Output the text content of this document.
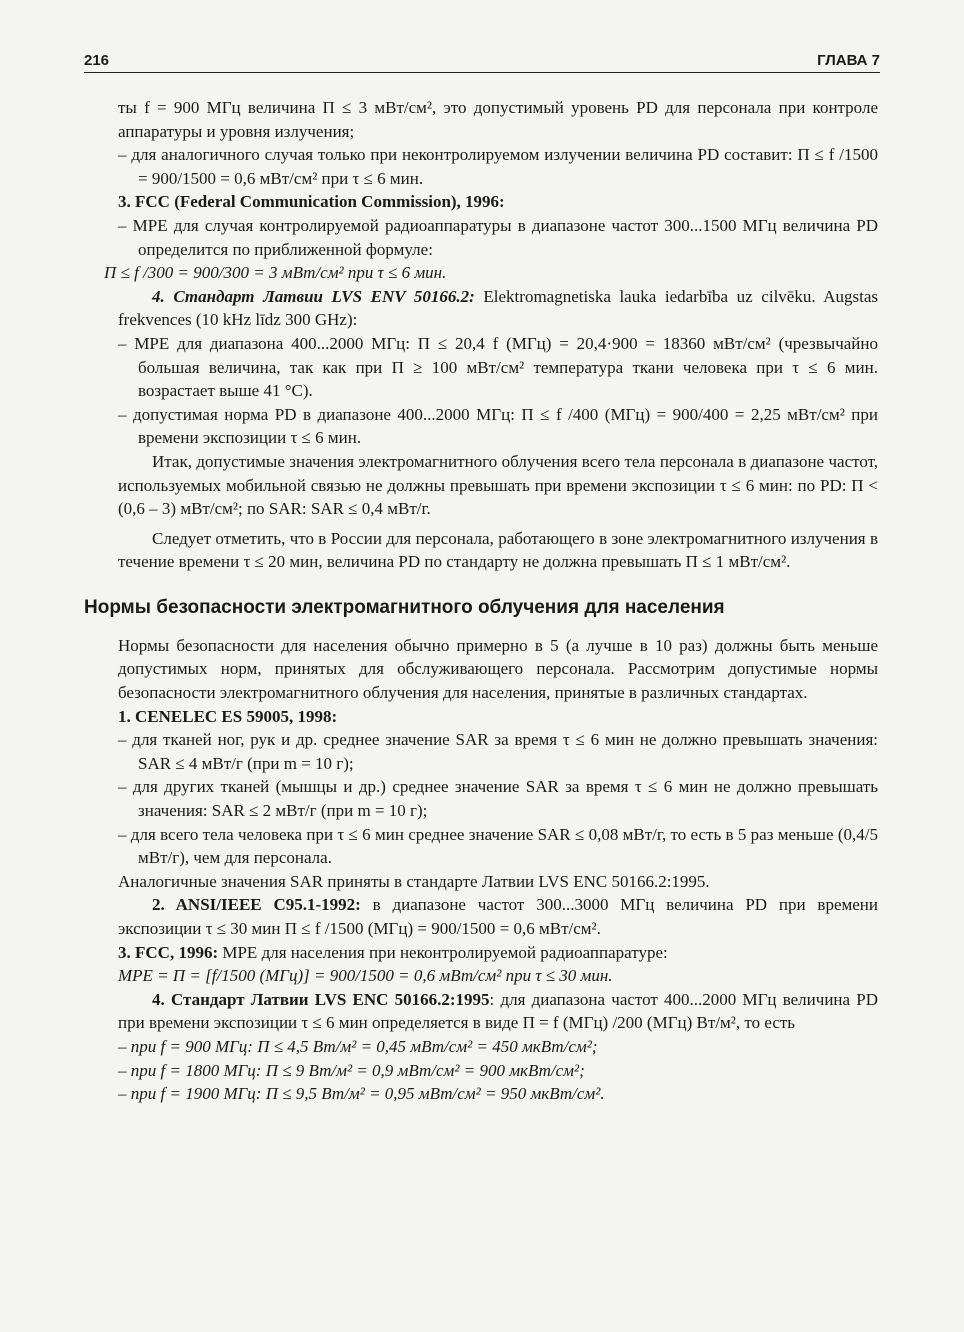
216	ГЛАВА 7

ты f = 900 МГц величина П ≤ 3 мВт/см², это допустимый уровень PD для персонала при контроле аппаратуры и уровня излучения;

– для аналогичного случая только при неконтролируемом излучении величина PD составит: П ≤ f /1500 = 900/1500 = 0,6 мВт/см² при τ ≤ 6 мин.

3. FCC (Federal Communication Commission), 1996:

– MPE для случая контролируемой радиоаппаратуры в диапазоне частот 300...1500 МГц величина PD определится по приближенной формуле:

П ≤ f /300 = 900/300 = 3 мВт/см² при τ ≤ 6 мин.

4. Стандарт Латвии LVS ENV 50166.2: Elektromagnetiska lauka iedarbība uz cilvēku. Augstas frekvences (10 kHz līdz 300 GHz):

– MPE для диапазона 400...2000 МГц: П ≤ 20,4 f (МГц) = 20,4·900 = 18360 мВт/см² (чрезвычайно большая величина, так как при П ≥ 100 мВт/см² температура ткани человека при τ ≤ 6 мин. возрастает выше 41 °С).

– допустимая норма PD в диапазоне 400...2000 МГц: П ≤ f /400 (МГц) = 900/400 = 2,25 мВт/см² при времени экспозиции τ ≤ 6 мин.

Итак, допустимые значения электромагнитного облучения всего тела персонала в диапазоне частот, используемых мобильной связью не должны превышать при времени экспозиции τ ≤ 6 мин: по PD: П < (0,6 – 3) мВт/см²; по SAR: SAR ≤ 0,4 мВт/г.

Следует отметить, что в России для персонала, работающего в зоне электромагнитного излучения в течение времени τ ≤ 20 мин, величина PD по стандарту не должна превышать П ≤ 1 мВт/см².

Нормы безопасности электромагнитного облучения для населения

Нормы безопасности для населения обычно примерно в 5 (а лучше в 10 раз) должны быть меньше допустимых норм, принятых для обслуживающего персонала. Рассмотрим допустимые нормы безопасности электромагнитного облучения для населения, принятые в различных стандартах.

1. CENELEC ES 59005, 1998:

– для тканей ног, рук и др. среднее значение SAR за время τ ≤ 6 мин не должно превышать значения: SAR ≤ 4 мВт/г (при m = 10 г);

– для других тканей (мышцы и др.) среднее значение SAR за время τ ≤ 6 мин не должно превышать значения: SAR ≤ 2 мВт/г (при m = 10 г);

– для всего тела человека при τ ≤ 6 мин среднее значение SAR ≤ 0,08 мВт/г, то есть в 5 раз меньше (0,4/5 мВт/г), чем для персонала.

Аналогичные значения SAR приняты в стандарте Латвии LVS ENC 50166.2:1995.

2. ANSI/IEEE C95.1-1992: в диапазоне частот 300...3000 МГц величина PD при времени экспозиции τ ≤ 30 мин П ≤ f /1500 (МГц) = 900/1500 = 0,6 мВт/см².

3. FCC, 1996: MPE для населения при неконтролируемой радиоаппаратуре:

MPE = П = [f/1500 (МГц)] = 900/1500 = 0,6 мВт/см² при τ ≤ 30 мин.

4. Стандарт Латвии LVS ENC 50166.2:1995: для диапазона частот 400...2000 МГц величина PD при времени экспозиции τ ≤ 6 мин определяется в виде П = f (МГц) /200 (МГц) Вт/м², то есть

– при f = 900 МГц: П ≤ 4,5 Вт/м² = 0,45 мВт/см² = 450 мкВт/см²;

– при f = 1800 МГц: П ≤ 9 Вт/м² = 0,9 мВт/см² = 900 мкВт/см²;

– при f = 1900 МГц: П ≤ 9,5 Вт/м² = 0,95 мВт/см² = 950 мкВт/см².
